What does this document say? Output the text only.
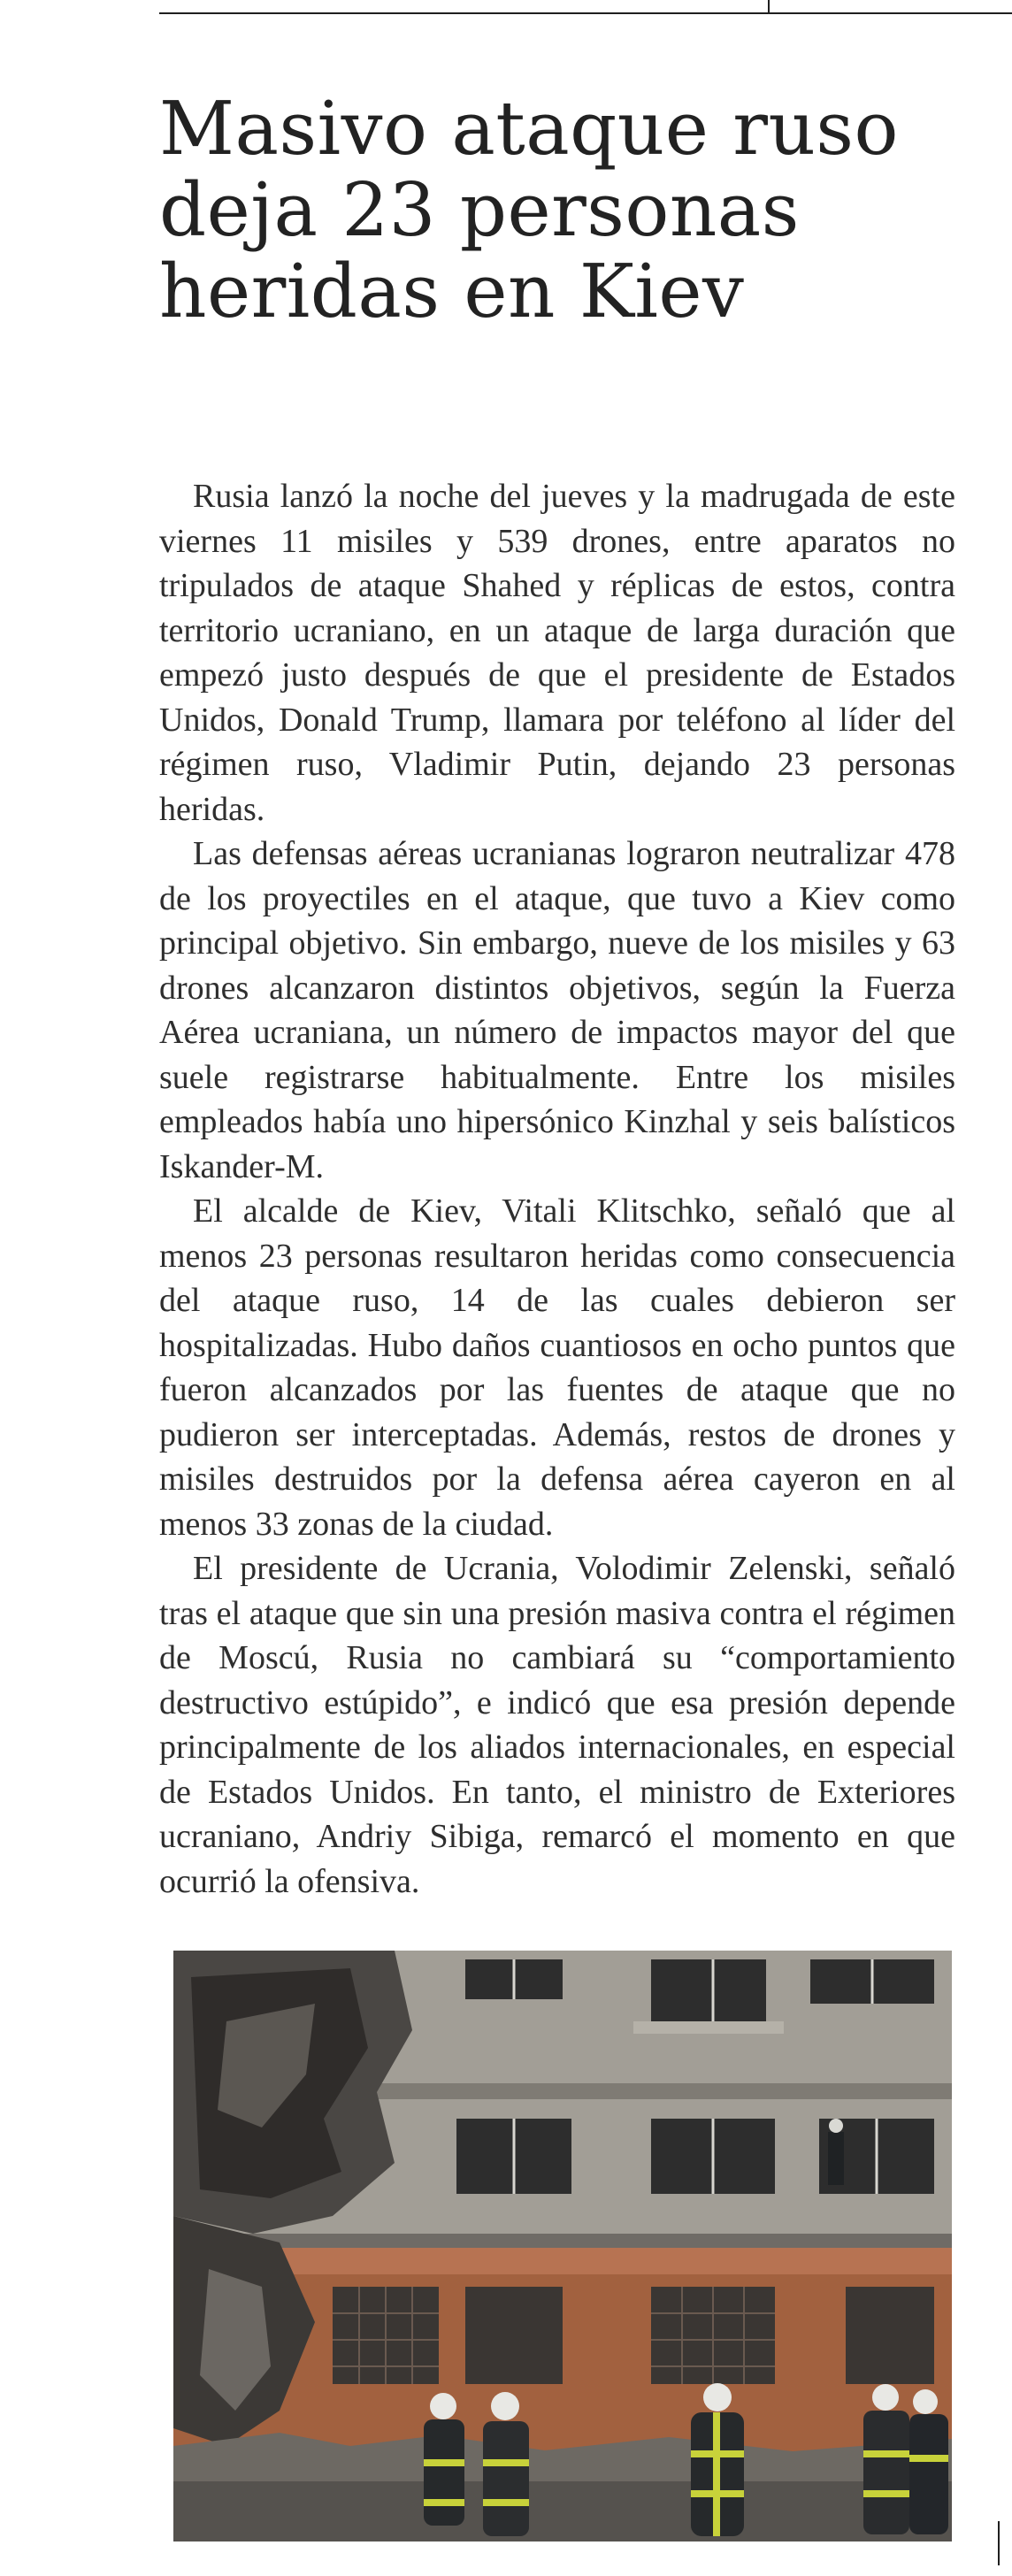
Masivo ataque ruso deja 23 personas heridas en Kiev

Rusia lanzó la noche del jueves y la madrugada de este viernes 11 misiles y 539 drones, entre aparatos no tripulados de ataque Shahed y réplicas de estos, contra territorio ucraniano, en un ataque de larga duración que empezó justo después de que el presidente de Estados Unidos, Donald Trump, llamara por teléfono al líder del régimen ruso, Vladimir Putin, dejando 23 personas heridas.

Las defensas aéreas ucranianas lograron neutralizar 478 de los proyectiles en el ataque, que tuvo a Kiev como principal objetivo. Sin embargo, nueve de los misiles y 63 drones alcanzaron distintos objetivos, según la Fuerza Aérea ucraniana, un número de impactos mayor del que suele registrarse habitualmente. Entre los misiles empleados había uno hipersónico Kinzhal y seis balísticos Iskander-M.

El alcalde de Kiev, Vitali Klitschko, señaló que al menos 23 personas resultaron heridas como consecuencia del ataque ruso, 14 de las cuales debieron ser hospitalizadas. Hubo daños cuantiosos en ocho puntos que fueron alcanzados por las fuentes de ataque que no pudieron ser interceptadas. Además, restos de drones y misiles destruidos por la defensa aérea cayeron en al menos 33 zonas de la ciudad.

El presidente de Ucrania, Volodimir Zelenski, señaló tras el ataque que sin una presión masiva contra el régimen de Moscú, Rusia no cambiará su “comportamiento destructivo estúpido”, e indicó que esa presión depende principalmente de los aliados internacionales, en especial de Estados Unidos. En tanto, el ministro de Exteriores ucraniano, Andriy Sibiga, remarcó el momento en que ocurrió la ofensiva.
